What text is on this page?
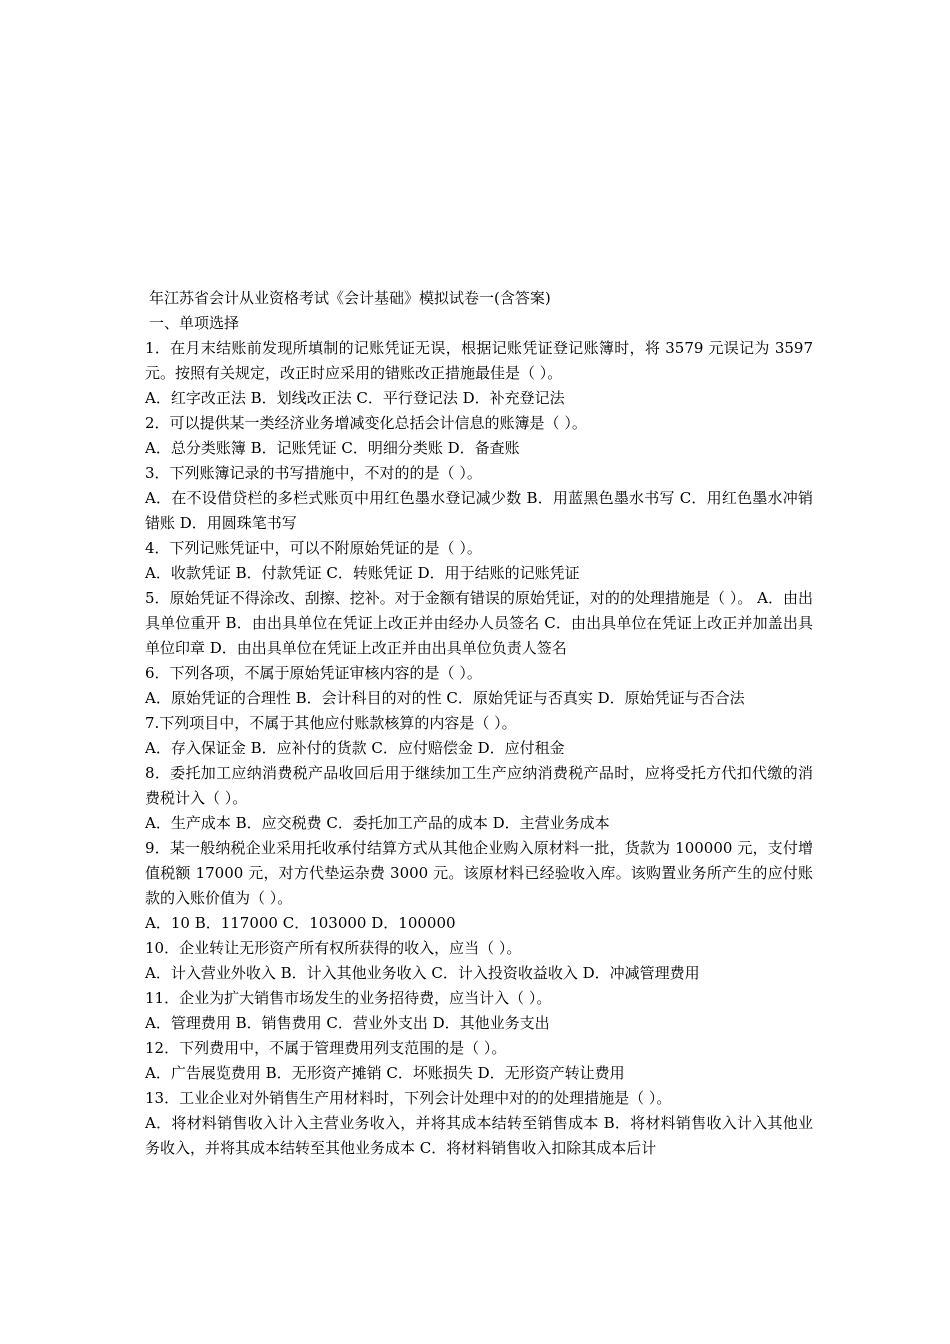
年江苏省会计从业资格考试《会计基础》模拟试卷一(含答案)

一、单项选择

1．在月末结账前发现所填制的记账凭证无误，根据记账凭证登记账簿时，将 3579 元误记为 3597 元。按照有关规定，改正时应采用的错账改正措施最佳是（ ）。

A．红字改正法 B．划线改正法 C．平行登记法 D．补充登记法

2．可以提供某一类经济业务增减变化总括会计信息的账簿是（ ）。

A．总分类账簿 B．记账凭证 C．明细分类账 D．备查账

3．下列账簿记录的书写措施中，不对的的是（ ）。

A．在不设借贷栏的多栏式账页中用红色墨水登记减少数 B．用蓝黑色墨水书写 C．用红色墨水冲销错账 D．用圆珠笔书写

4．下列记账凭证中，可以不附原始凭证的是（ ）。

A．收款凭证 B．付款凭证 C．转账凭证 D．用于结账的记账凭证

5．原始凭证不得涂改、刮擦、挖补。对于金额有错误的原始凭证，对的的处理措施是（ ）。 A．由出具单位重开 B．由出具单位在凭证上改正并由经办人员签名 C．由出具单位在凭证上改正并加盖出具单位印章 D．由出具单位在凭证上改正并由出具单位负责人签名

6．下列各项，不属于原始凭证审核内容的是（ ）。

A．原始凭证的合理性 B．会计科目的对的性 C．原始凭证与否真实 D．原始凭证与否合法

7.下列项目中，不属于其他应付账款核算的内容是（ ）。

A．存入保证金 B．应补付的货款 C．应付赔偿金 D．应付租金

8．委托加工应纳消费税产品收回后用于继续加工生产应纳消费税产品时，应将受托方代扣代缴的消费税计入（ ）。

A．生产成本 B．应交税费 C．委托加工产品的成本 D．主营业务成本

9．某一般纳税企业采用托收承付结算方式从其他企业购入原材料一批，货款为 100000 元，支付增值税额 17000 元，对方代垫运杂费 3000 元。该原材料已经验收入库。该购置业务所产生的应付账款的入账价值为（ ）。

A．10 B．117000 C．103000 D．100000

10．企业转让无形资产所有权所获得的收入，应当（ ）。

A．计入营业外收入 B．计入其他业务收入 C．计入投资收益收入 D．冲减管理费用

11．企业为扩大销售市场发生的业务招待费，应当计入（ ）。

A．管理费用 B．销售费用 C．营业外支出 D．其他业务支出

12．下列费用中，不属于管理费用列支范围的是（ ）。

A．广告展览费用 B．无形资产摊销 C．坏账损失 D．无形资产转让费用

13．工业企业对外销售生产用材料时，下列会计处理中对的的处理措施是（ ）。

A．将材料销售收入计入主营业务收入，并将其成本结转至销售成本 B．将材料销售收入计入其他业务收入，并将其成本结转至其他业务成本 C．将材料销售收入扣除其成本后计
